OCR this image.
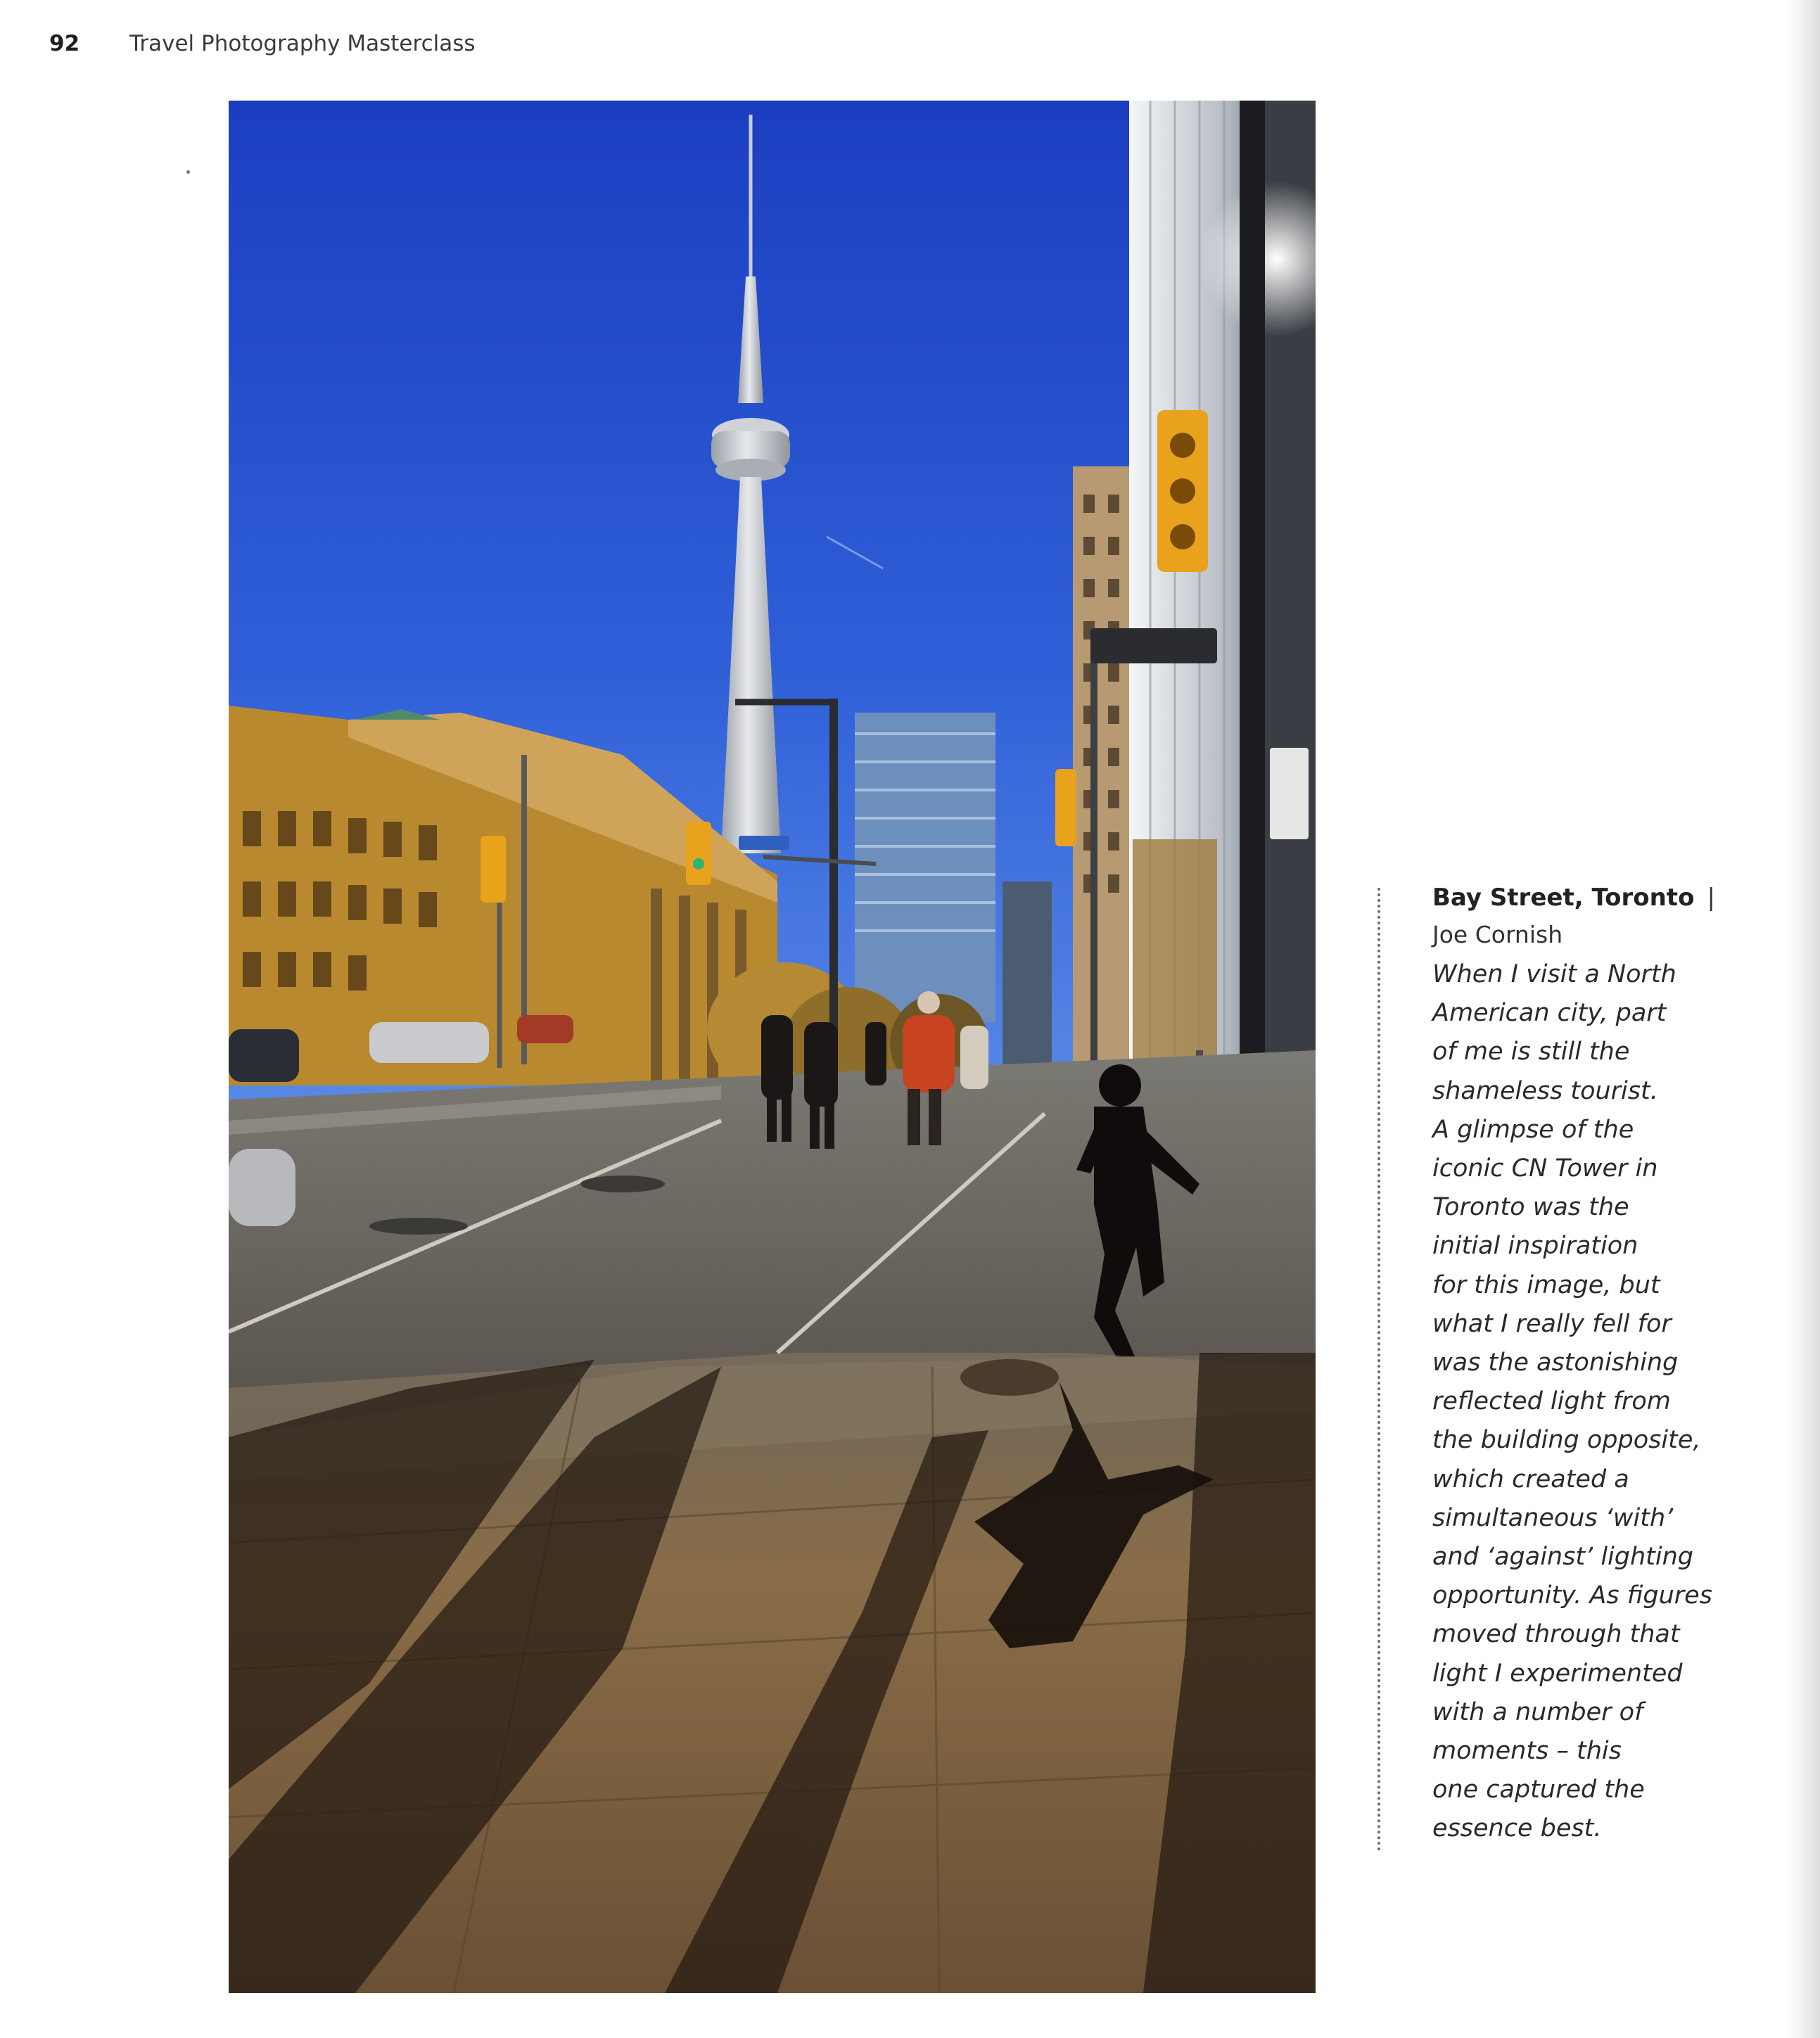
92 Travel Photography Masterclass
Bay Street, Toronto |
Joe Cornish
When I visit a North
American city, part
of me is still the
shameless tourist.
A glimpse of the
iconic CN Tower in
Toronto was the
initial inspiration
for this image, but
what I really fell for
was the astonishing
reflected light from
the building opposite,
which created a
simultaneous ‘with’
and ‘against’ lighting
opportunity. As figures
moved through that
light I experimented
with a number of
moments – this
one captured the
essence best.
